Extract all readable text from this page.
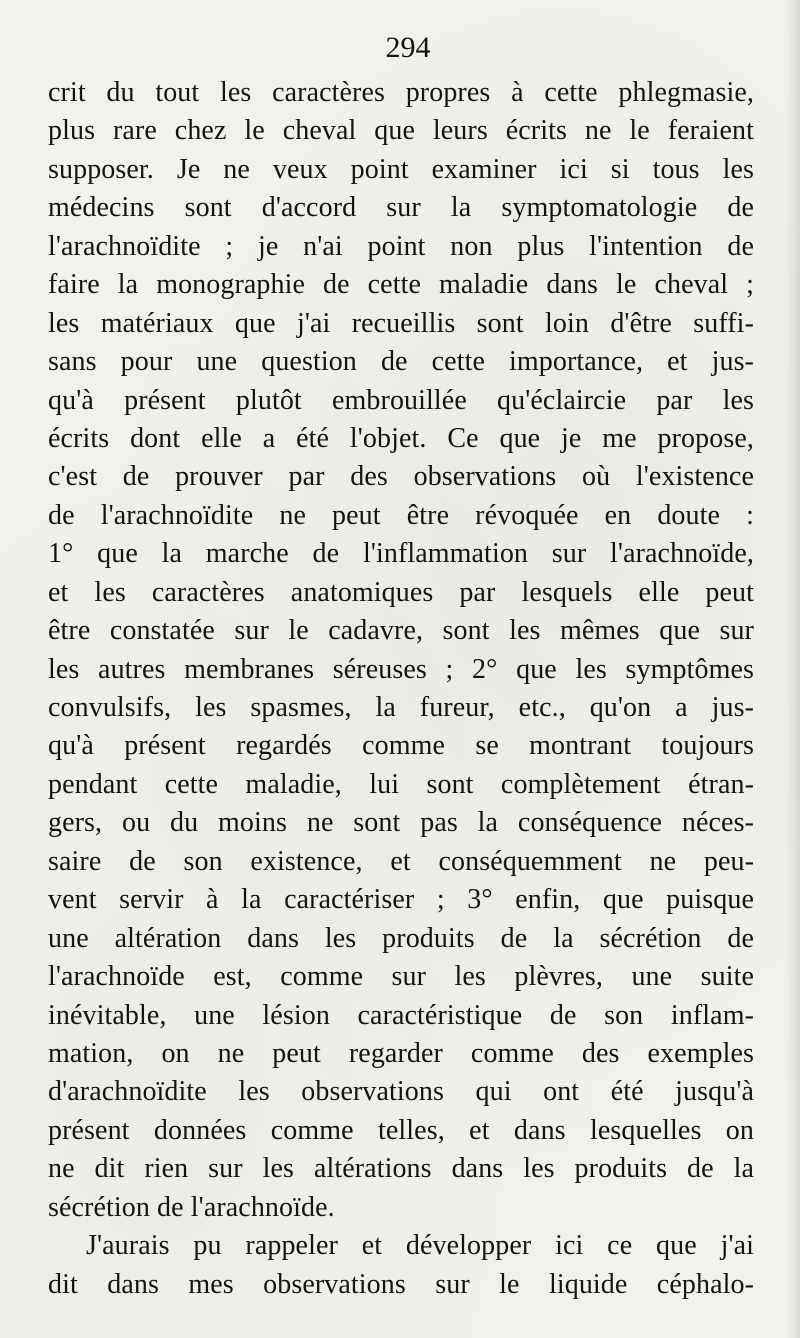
294
crit du tout les caractères propres à cette phlegmasie,
plus rare chez le cheval que leurs écrits ne le feraient
supposer. Je ne veux point examiner ici si tous les
médecins sont d'accord sur la symptomatologie de
l'arachnoïdite ; je n'ai point non plus l'intention de
faire la monographie de cette maladie dans le cheval ;
les matériaux que j'ai recueillis sont loin d'être suffi-
sans pour une question de cette importance, et jus-
qu'à présent plutôt embrouillée qu'éclaircie par les
écrits dont elle a été l'objet. Ce que je me propose,
c'est de prouver par des observations où l'existence
de l'arachnoïdite ne peut être révoquée en doute :
1° que la marche de l'inflammation sur l'arachnoïde,
et les caractères anatomiques par lesquels elle peut
être constatée sur le cadavre, sont les mêmes que sur
les autres membranes séreuses ; 2° que les symptômes
convulsifs, les spasmes, la fureur, etc., qu'on a jus-
qu'à présent regardés comme se montrant toujours
pendant cette maladie, lui sont complètement étran-
gers, ou du moins ne sont pas la conséquence néces-
saire de son existence, et conséquemment ne peu-
vent servir à la caractériser ; 3° enfin, que puisque
une altération dans les produits de la sécrétion de
l'arachnoïde est, comme sur les plèvres, une suite
inévitable, une lésion caractéristique de son inflam-
mation, on ne peut regarder comme des exemples
d'arachnoïdite les observations qui ont été jusqu'à
présent données comme telles, et dans lesquelles on
ne dit rien sur les altérations dans les produits de la
sécrétion de l'arachnoïde.
J'aurais pu rappeler et développer ici ce que j'ai
dit dans mes observations sur le liquide céphalo-
